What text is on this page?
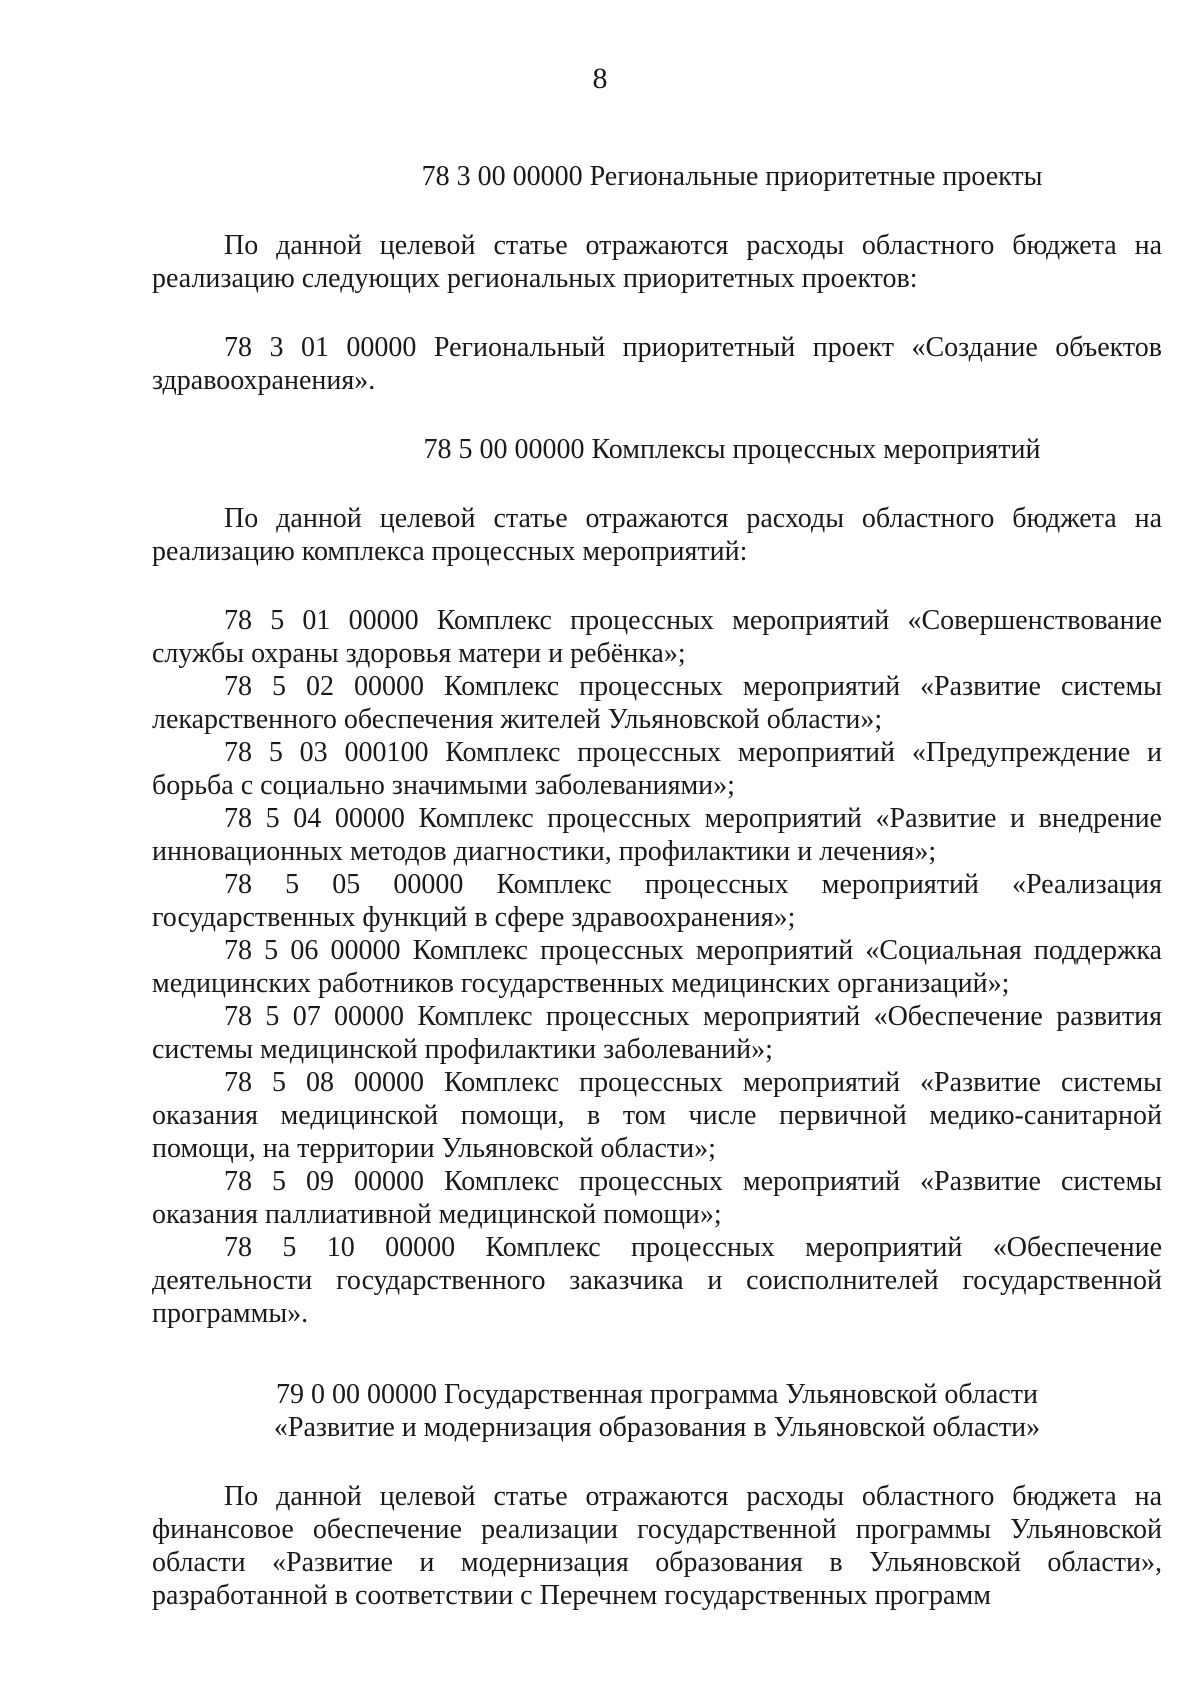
8
78 3 00 00000 Региональные приоритетные проекты

По данной целевой статье отражаются расходы областного бюджета на реализацию следующих региональных приоритетных проектов:

78 3 01 00000 Региональный приоритетный проект «Создание объектов здравоохранения».

78 5 00 00000 Комплексы процессных мероприятий

По данной целевой статье отражаются расходы областного бюджета на реализацию комплекса процессных мероприятий:

78 5 01 00000 Комплекс процессных мероприятий «Совершенствование службы охраны здоровья матери и ребёнка»;

78 5 02 00000 Комплекс процессных мероприятий «Развитие системы лекарственного обеспечения жителей Ульяновской области»;

78 5 03 000100 Комплекс процессных мероприятий «Предупреждение и борьба с социально значимыми заболеваниями»;

78 5 04 00000 Комплекс процессных мероприятий «Развитие и внедрение инновационных методов диагностики, профилактики и лечения»;

78 5 05 00000 Комплекс процессных мероприятий «Реализация государственных функций в сфере здравоохранения»;

78 5 06 00000 Комплекс процессных мероприятий «Социальная поддержка медицинских работников государственных медицинских организаций»;

78 5 07 00000 Комплекс процессных мероприятий «Обеспечение развития системы медицинской профилактики заболеваний»;

78 5 08 00000 Комплекс процессных мероприятий «Развитие системы оказания медицинской помощи, в том числе первичной медико-санитарной помощи, на территории Ульяновской области»;

78 5 09 00000 Комплекс процессных мероприятий «Развитие системы оказания паллиативной медицинской помощи»;

78 5 10 00000 Комплекс процессных мероприятий «Обеспечение деятельности государственного заказчика и соисполнителей государственной программы».

79 0 00 00000 Государственная программа Ульяновской области
«Развитие и модернизация образования в Ульяновской области»

По данной целевой статье отражаются расходы областного бюджета на финансовое обеспечение реализации государственной программы Ульяновской области «Развитие и модернизация образования в Ульяновской области», разработанной в соответствии с Перечнем государственных программ
